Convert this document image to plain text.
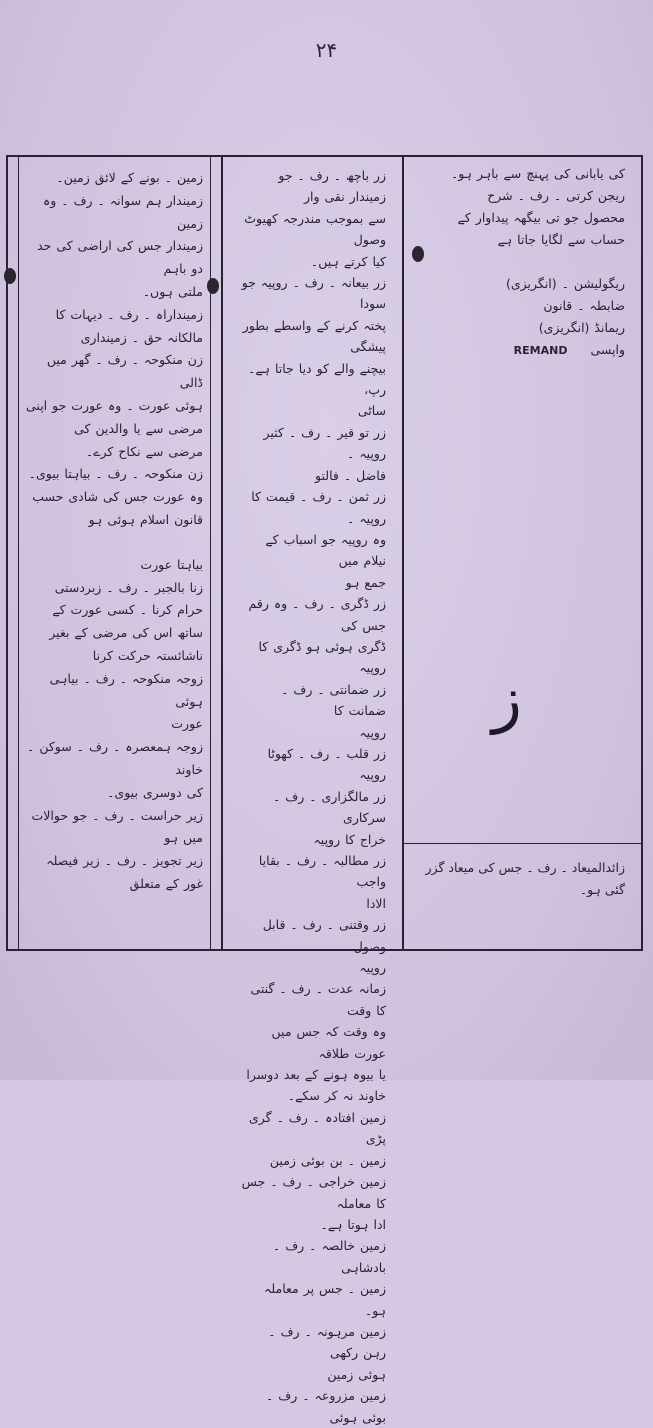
۲۴
کی یابانی کی پہنچ سے باہر ہو۔
ریجن کرتی ۔ رف ۔ شرح
محصول جو تی بیگھہ پیداوار کے
حساب سے لگایا جاتا ہے
ریگولیشن ۔ (انگریزی)
ضابطہ ۔ قانون
ریمانڈ (انگریزی)
واپسی REMAND
ز
زائدالمیعاد ۔ رف ۔ جس کی میعاد گزر گئی ہو۔
زر باچھ ۔ رف ۔ جو زمیندار نقی وار
سے بموجب مندرجہ کھیوٹ وصول
کیا کرتے ہیں۔
زر بیعانہ ۔ رف ۔ روپیہ جو سودا
پختہ کرنے کے واسطے بطور پیشگی
بیچنے والے کو دیا جاتا ہے۔ رپ،
ساٹی
زر تو قیر ۔ رف ۔ کثیر روپیہ ۔
فاضل ۔ فالتو
زر ثمن ۔ رف ۔ قیمت کا روپیہ ۔
وہ روپیہ جو اسباب کے نیلام میں
جمع ہو
زر ڈگری ۔ رف ۔ وہ رقم جس کی
ڈگری ہوئی ہو ڈگری کا روپیہ
زر ضمانتی ۔ رف ۔ ضمانت کا
روپیہ
زر قلب ۔ رف ۔ کھوٹا روپیہ
زر مالگزاری ۔ رف ۔ سرکاری
خراج کا روپیہ
زر مطالبہ ۔ رف ۔ بقایا واجب
الادا
زر وقتنی ۔ رف ۔ قابل وصول
روپیہ
زمانہ عدت ۔ رف ۔ گنتی کا وقت
وہ وقت کہ جس میں عورت طلاقہ
یا بیوہ ہونے کے بعد دوسرا
خاوند نہ کر سکے۔
زمین افتادہ ۔ رف ۔ گری پڑی
زمین ۔ بن بوئی زمین
زمین خراجی ۔ رف ۔ جس کا معاملہ
ادا ہوتا ہے۔
زمین خالصہ ۔ رف ۔ بادشاہی
زمین ۔ جس پر معاملہ ہو۔
زمین مرہونہ ۔ رف ۔ رہن رکھی
ہوئی زمین
زمین مزروعہ ۔ رف ۔ بوئی ہوئی
زمین ۔ بونے کے لائق زمین۔
زمیندار ہم سوانہ ۔ رف ۔ وہ زمین
زمیندار جس کی اراضی کی حد دو باہم
ملتی ہوں۔
زمینداراہ ۔ رف ۔ دیہات کا
مالکانہ حق ۔ زمینداری
زن منکوحہ ۔ رف ۔ گھر میں ڈالی
ہوئی عورت ۔ وہ عورت جو اپنی
مرضی سے یا والدین کی
مرضی سے نکاح کرے۔
زن منکوحہ ۔ رف ۔ بیاہتا بیوی۔
وہ عورت جس کی شادی حسب
قانون اسلام ہوئی ہو
بیاہتا عورت
زنا بالجبر ۔ رف ۔ زبردستی
حرام کرنا ۔ کسی عورت کے
ساتھ اس کی مرضی کے بغیر
ناشائستہ حرکت کرنا
زوجہ منکوحہ ۔ رف ۔ بیاہی ہوئی
عورت
زوجہ ہمعصرہ ۔ رف ۔ سوکن ۔ خاوند
کی دوسری بیوی۔
زیر حراست ۔ رف ۔ جو حوالات
میں ہو
زیر تجویز ۔ رف ۔ زیر فیصلہ
غور کے متعلق
